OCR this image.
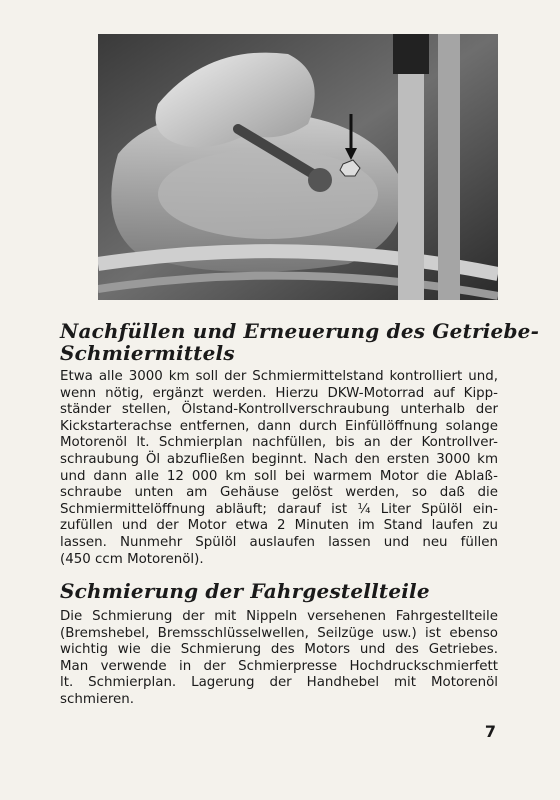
Nachfüllen und Erneuerung des Getriebe-
Schmiermittels

Etwa alle 3000 km soll der Schmiermittelstand kontrolliert und,
wenn nötig, ergänzt werden. Hierzu DKW-Motorrad auf Kipp-
ständer stellen, Ölstand-Kontrollverschraubung unterhalb der
Kickstarterachse entfernen, dann durch Einfüllöffnung solange
Motorenöl lt. Schmierplan nachfüllen, bis an der Kontrollver-
schraubung Öl abzufließen beginnt. Nach den ersten 3000 km
und dann alle 12 000 km soll bei warmem Motor die Ablaß-
schraube unten am Gehäuse gelöst werden, so daß die
Schmiermittelöffnung abläuft; darauf ist ¼ Liter Spülöl ein-
zufüllen und der Motor etwa 2 Minuten im Stand laufen zu
lassen. Nunmehr Spülöl auslaufen lassen und neu füllen
(450 ccm Motorenöl).

Schmierung der Fahrgestellteile

Die Schmierung der mit Nippeln versehenen Fahrgestellteile
(Bremshebel, Bremsschlüsselwellen, Seilzüge usw.) ist ebenso
wichtig wie die Schmierung des Motors und des Getriebes.
Man verwende in der Schmierpresse Hochdruckschmierfett
lt. Schmierplan. Lagerung der Handhebel mit Motorenöl
schmieren.

7
